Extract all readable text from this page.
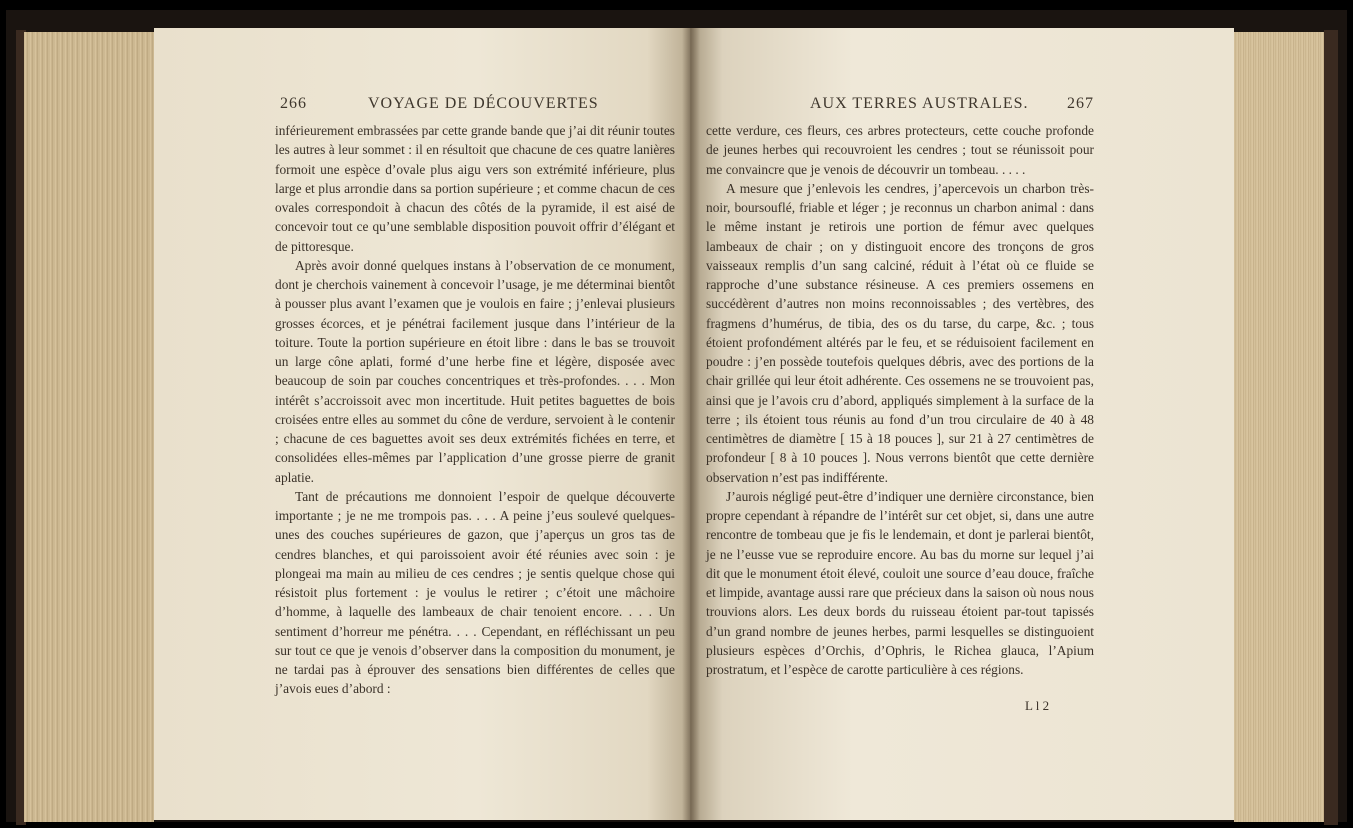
266	VOYAGE DE DÉCOUVERTES

inférieurement embrassées par cette grande bande que j’ai dit réunir toutes les autres à leur sommet : il en résultoit que chacune de ces quatre lanières formoit une espèce d’ovale plus aigu vers son extrémité inférieure, plus large et plus arrondie dans sa portion supérieure ; et comme chacun de ces ovales correspondoit à chacun des côtés de la pyramide, il est aisé de concevoir tout ce qu’une semblable disposition pouvoit offrir d’élégant et de pittoresque.

Après avoir donné quelques instans à l’observation de ce monument, dont je cherchois vainement à concevoir l’usage, je me déterminai bientôt à pousser plus avant l’examen que je voulois en faire ; j’enlevai plusieurs grosses écorces, et je pénétrai facilement jusque dans l’intérieur de la toiture. Toute la portion supérieure en étoit libre : dans le bas se trouvoit un large cône aplati, formé d’une herbe fine et légère, disposée avec beaucoup de soin par couches concentriques et très-profondes. . . . Mon intérêt s’accroissoit avec mon incertitude. Huit petites baguettes de bois croisées entre elles au sommet du cône de verdure, servoient à le contenir ; chacune de ces baguettes avoit ses deux extrémités fichées en terre, et consolidées elles-mêmes par l’application d’une grosse pierre de granit aplatie.

Tant de précautions me donnoient l’espoir de quelque découverte importante ; je ne me trompois pas. . . . A peine j’eus soulevé quelques-unes des couches supérieures de gazon, que j’aperçus un gros tas de cendres blanches, et qui paroissoient avoir été réunies avec soin : je plongeai ma main au milieu de ces cendres ; je sentis quelque chose qui résistoit plus fortement : je voulus le retirer ; c’étoit une mâchoire d’homme, à laquelle des lambeaux de chair tenoient encore. . . . Un sentiment d’horreur me pénétra. . . . Cependant, en réfléchissant un peu sur tout ce que je venois d’observer dans la composition du monument, je ne tardai pas à éprouver des sensations bien différentes de celles que j’avois eues d’abord :

AUX TERRES AUSTRALES. 267

cette verdure, ces fleurs, ces arbres protecteurs, cette couche profonde de jeunes herbes qui recouvroient les cendres ; tout se réunissoit pour me convaincre que je venois de découvrir un tombeau. . . . .

A mesure que j’enlevois les cendres, j’apercevois un charbon très-noir, boursouflé, friable et léger ; je reconnus un charbon animal : dans le même instant je retirois une portion de fémur avec quelques lambeaux de chair ; on y distinguoit encore des tronçons de gros vaisseaux remplis d’un sang calciné, réduit à l’état où ce fluide se rapproche d’une substance résineuse. A ces premiers ossemens en succédèrent d’autres non moins reconnoissables ; des vertèbres, des fragmens d’humérus, de tibia, des os du tarse, du carpe, &c. ; tous étoient profondément altérés par le feu, et se réduisoient facilement en poudre : j’en possède toutefois quelques débris, avec des portions de la chair grillée qui leur étoit adhérente. Ces ossemens ne se trouvoient pas, ainsi que je l’avois cru d’abord, appliqués simplement à la surface de la terre ; ils étoient tous réunis au fond d’un trou circulaire de 40 à 48 centimètres de diamètre [ 15 à 18 pouces ], sur 21 à 27 centimètres de profondeur [ 8 à 10 pouces ]. Nous verrons bientôt que cette dernière observation n’est pas indifférente.

J’aurois négligé peut-être d’indiquer une dernière circonstance, bien propre cependant à répandre de l’intérêt sur cet objet, si, dans une autre rencontre de tombeau que je fis le lendemain, et dont je parlerai bientôt, je ne l’eusse vue se reproduire encore. Au bas du morne sur lequel j’ai dit que le monument étoit élevé, couloit une source d’eau douce, fraîche et limpide, avantage aussi rare que précieux dans la saison où nous nous trouvions alors. Les deux bords du ruisseau étoient par-tout tapissés d’un grand nombre de jeunes herbes, parmi lesquelles se distinguoient plusieurs espèces d’Orchis, d’Ophris, le Richea glauca, l’Apium prostratum, et l’espèce de carotte particulière à ces régions.

L l 2
